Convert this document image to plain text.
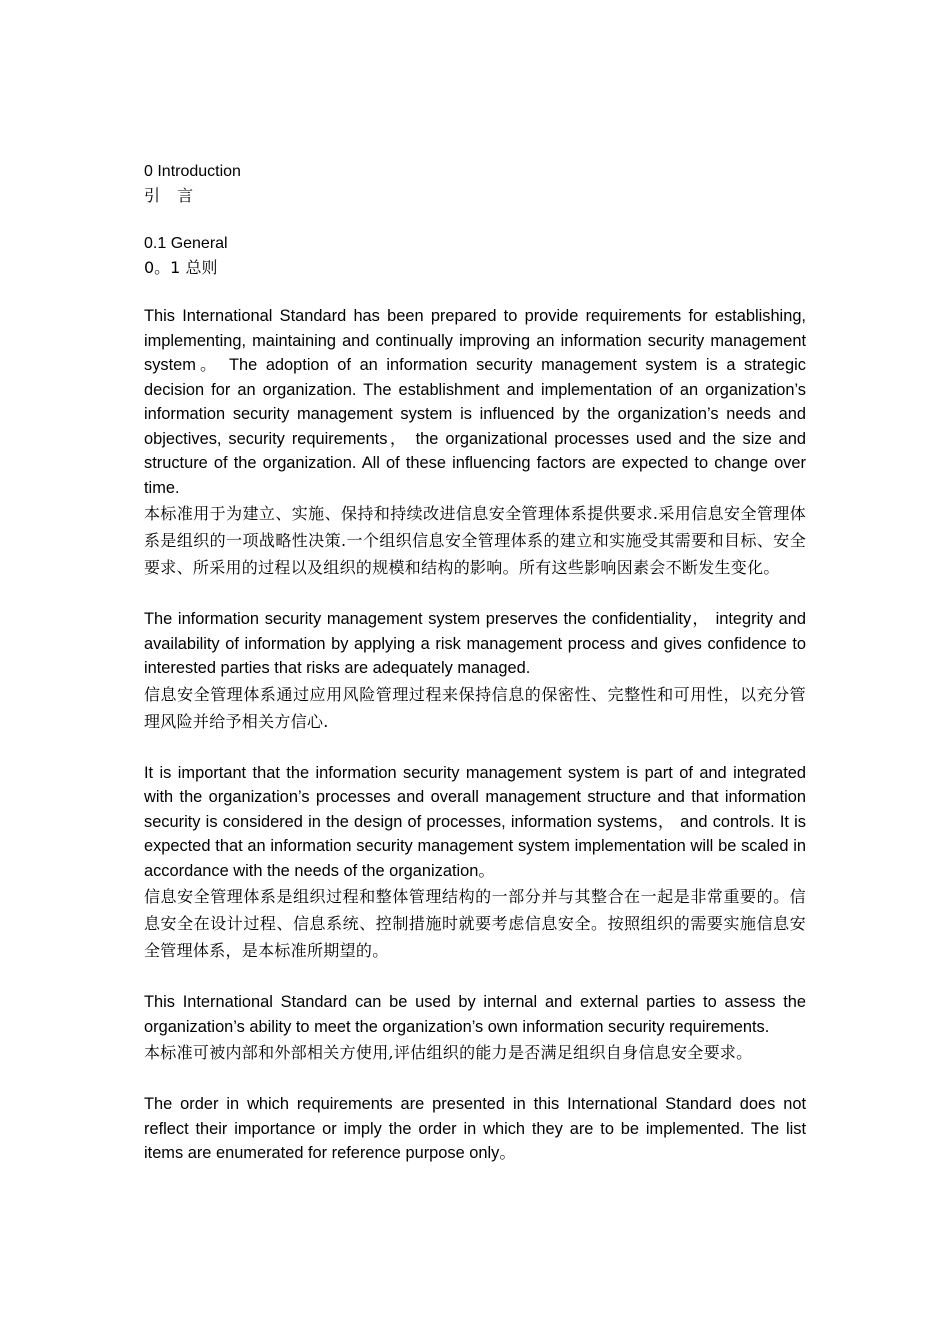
0 Introduction

引 言

0.1 General

0。1 总则

This International Standard has been prepared to provide requirements for establishing, implementing, maintaining and continually improving an information security management system。 The adoption of an information security management system is a strategic decision for an organization. The establishment and implementation of an organization’s information security management system is influenced by the organization’s needs and objectives, security requirements， the organizational processes used and the size and structure of the organization. All of these influencing factors are expected to change over time.

本标准用于为建立、实施、保持和持续改进信息安全管理体系提供要求.采用信息安全管理体系是组织的一项战略性决策.一个组织信息安全管理体系的建立和实施受其需要和目标、安全要求、所采用的过程以及组织的规模和结构的影响。所有这些影响因素会不断发生变化。

The information security management system preserves the confidentiality， integrity and availability of information by applying a risk management process and gives confidence to interested parties that risks are adequately managed.

信息安全管理体系通过应用风险管理过程来保持信息的保密性、完整性和可用性，以充分管理风险并给予相关方信心.

It is important that the information security management system is part of and integrated with the organization’s processes and overall management structure and that information security is considered in the design of processes, information systems， and controls. It is expected that an information security management system implementation will be scaled in accordance with the needs of the organization。

信息安全管理体系是组织过程和整体管理结构的一部分并与其整合在一起是非常重要的。信息安全在设计过程、信息系统、控制措施时就要考虑信息安全。按照组织的需要实施信息安全管理体系，是本标准所期望的。

This International Standard can be used by internal and external parties to assess the organization’s ability to meet the organization’s own information security requirements.

本标准可被内部和外部相关方使用,评估组织的能力是否满足组织自身信息安全要求。

The order in which requirements are presented in this International Standard does not reflect their importance or imply the order in which they are to be implemented. The list items are enumerated for reference purpose only。
